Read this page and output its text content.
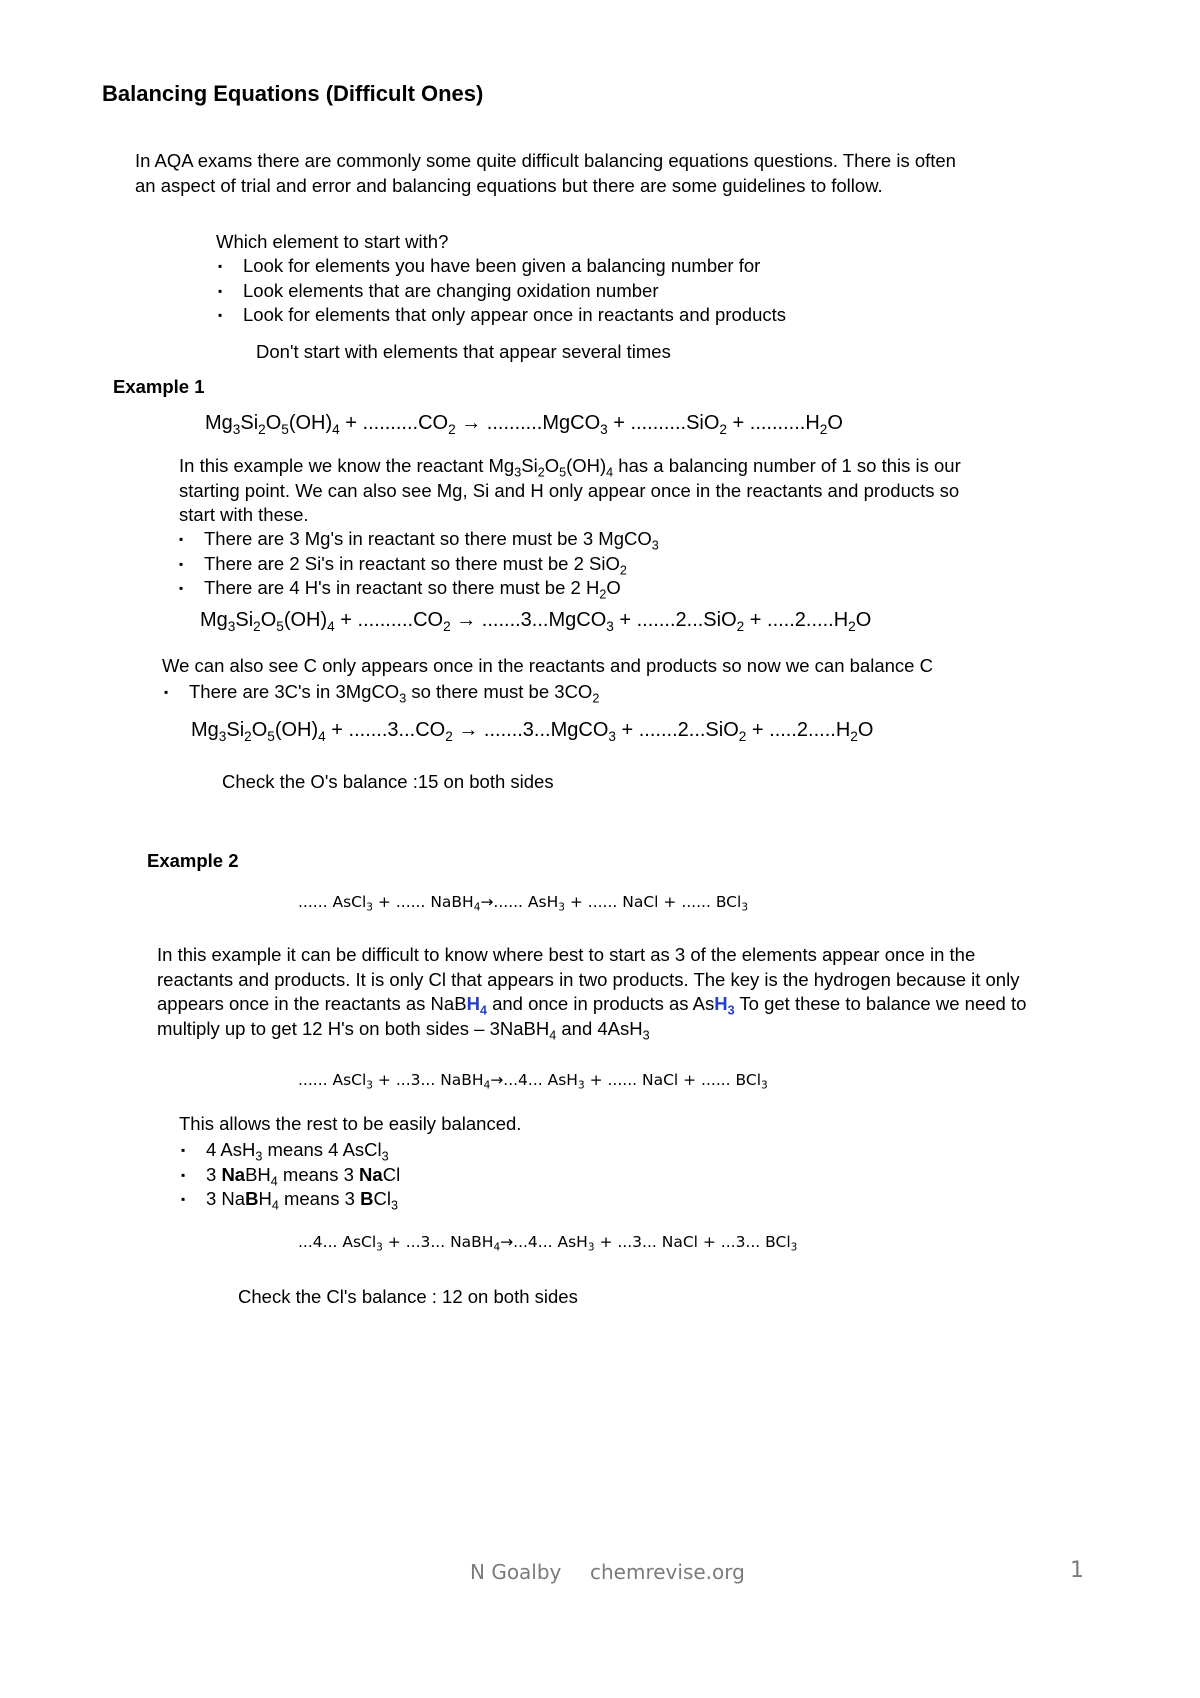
Balancing Equations (Difficult Ones)
In AQA exams there are commonly some quite difficult balancing equations questions. There is often an aspect of trial and error and balancing equations but there are some guidelines to follow.
Which element to start with?
▪ Look for elements you have been given a balancing number for
▪ Look elements that are changing oxidation number
▪ Look for elements that only appear once in reactants and products
Don't start with elements that appear several times
Example 1
$Mg_3Si_2O_5(OH)_4 + ..........CO_2$ → ..........MgCO$_3$ + $..........SiO_2 + ..........H_2O$
In this example we know the reactant $Mg_3Si_2O_5(OH)_4$ has a balancing number of 1 so this is our starting point. We can also see Mg, Si and H only appear once in the reactants and products so start with these.
▪ There are 3 Mg's in reactant so there must be 3 MgCO$_3$
▪ There are 2 Si's in reactant so there must be 2 SiO$_2$
▪ There are 4 H's in reactant so there must be 2 $H_2O$
$Mg_3Si_2O_5(OH)_4 + ..........CO_2$ → .......3...MgCO$_3$ + $.......2...SiO_2 + .....2.....H_2O$
We can also see C only appears once in the reactants and products so now we can balance C
▪ There are 3C's in 3MgCO$_3$ so there must be $3CO_2$
$Mg_3Si_2O_5(OH)_4 + .......3...CO_2$ → .......3...MgCO$_3$ + $.......2...SiO_2 + .....2.....H_2O$
Check the O's balance :15 on both sides
Example 2
...... AsCl$_3$ + ...... NaBH$_4$→...... AsH$_3$ + ...... NaCl + ...... BCl$_3$
In this example it can be difficult to know where best to start as 3 of the elements appear once in the reactants and products. It is only Cl that appears in two products. The key is the hydrogen because it only appears once in the reactants as NaBH$_4$ and once in products as AsH$_3$ To get these to balance we need to multiply up to get 12 H's on both sides – 3NaBH$_4$ and 4AsH$_3$
...... AsCl$_3$ + ...3... NaBH$_4$→...4... AsH$_3$ + ...... NaCl + ...... BCl$_3$
This allows the rest to be easily balanced.
▪ 4 AsH$_3$ means 4 AsCl$_3$
▪ 3 NaBH$_4$ means 3 NaCl
▪ 3 NaBH$_4$ means 3 BCl$_3$
...4... AsCl$_3$ + ...3... NaBH$_4$→...4... AsH$_3$ + ...3... NaCl + ...3... BCl$_3$
Check the Cl's balance : 12 on both sides
N Goalby chemrevise.org	1
